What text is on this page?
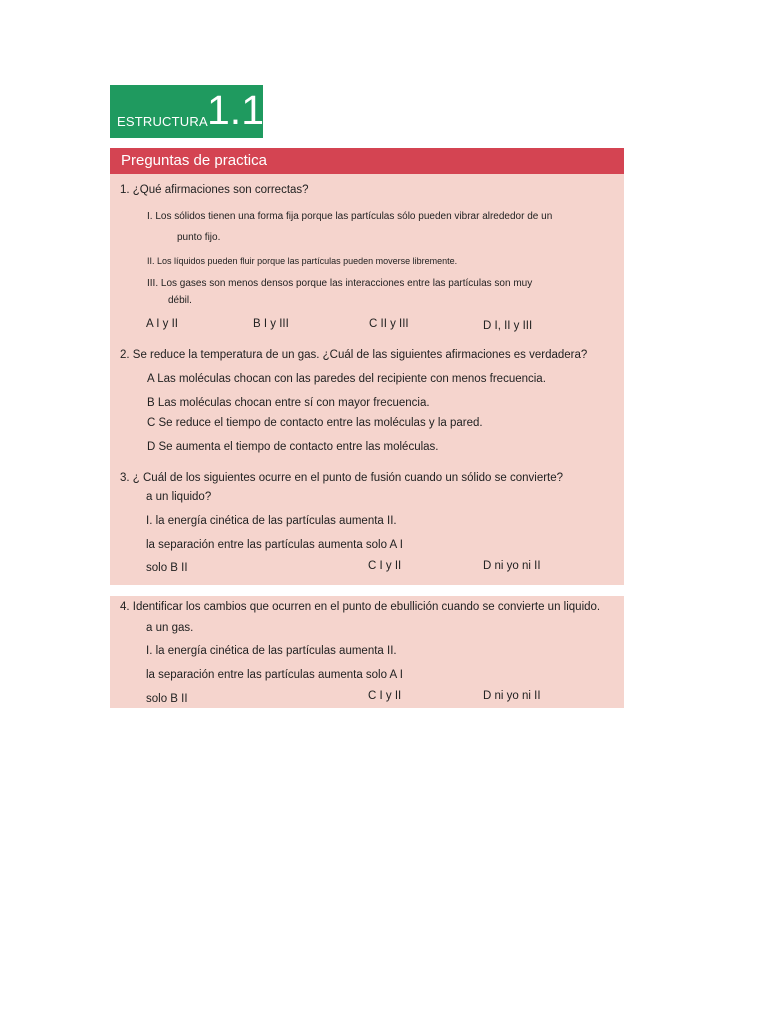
ESTRUCTURA 1.1
Preguntas de practica
1. ¿Qué afirmaciones son correctas?
I. Los sólidos tienen una forma fija porque las partículas sólo pueden vibrar alrededor de un
punto fijo.
II. Los líquidos pueden fluir porque las partículas pueden moverse libremente.
III. Los gases son menos densos porque las interacciones entre las partículas son muy
débil.
A I y II	B I y III	C II y III	D I, II y III
2. Se reduce la temperatura de un gas. ¿Cuál de las siguientes afirmaciones es verdadera?
A Las moléculas chocan con las paredes del recipiente con menos frecuencia.
B Las moléculas chocan entre sí con mayor frecuencia.
C Se reduce el tiempo de contacto entre las moléculas y la pared.
D Se aumenta el tiempo de contacto entre las moléculas.
3. ¿ Cuál de los siguientes ocurre en el punto de fusión cuando un sólido se convierte?
a un liquido?
I. la energía cinética de las partículas aumenta II.
la separación entre las partículas aumenta solo A I
solo B II	C I y II	D ni yo ni II
4. Identificar los cambios que ocurren en el punto de ebullición cuando se convierte un liquido.
a un gas.
I. la energía cinética de las partículas aumenta II.
la separación entre las partículas aumenta solo A I
solo B II	C I y II	D ni yo ni II
